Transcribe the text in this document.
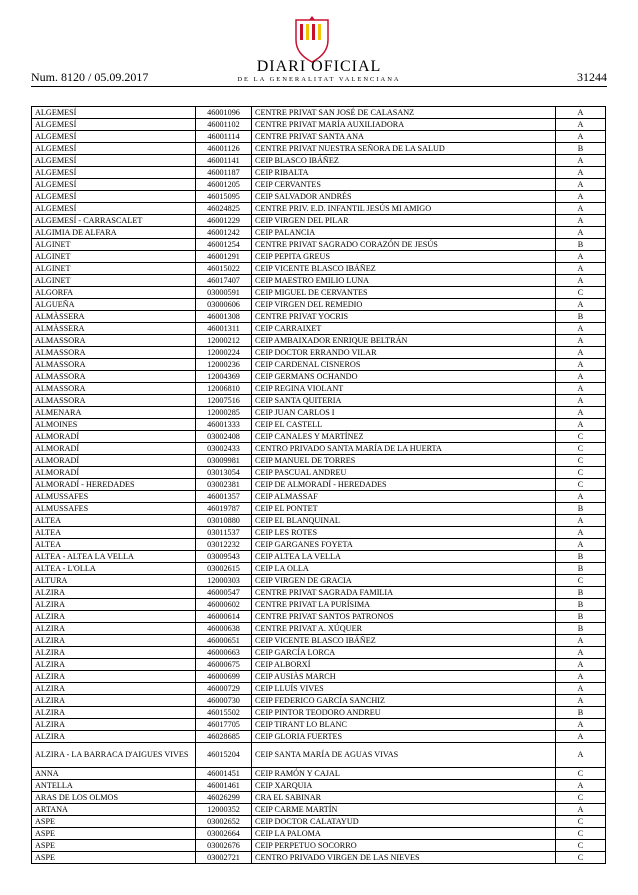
Num. 8120 / 05.09.2017
DIARI OFICIAL
DE LA GENERALITAT VALENCIANA	31244
ALGEMESÍ	46001096	CENTRE PRIVAT SAN JOSÉ DE CALASANZ	A
ALGEMESÍ	46001102	CENTRE PRIVAT MARÍA AUXILIADORA	A
ALGEMESÍ	46001114	CENTRE PRIVAT SANTA ANA	A
ALGEMESÍ	46001126	CENTRE PRIVAT NUESTRA SEÑORA DE LA SALUD	B
ALGEMESÍ	46001141	CEIP BLASCO IBÁÑEZ	A
ALGEMESÍ	46001187	CEIP RIBALTA	A
ALGEMESÍ	46001205	CEIP CERVANTES	A
ALGEMESÍ	46015095	CEIP SALVADOR ANDRÉS	A
ALGEMESÍ	46024825	CENTRE PRIV. E.D. INFANTIL JESÚS MI AMIGO	A
ALGEMESÍ - CARRASCALET	46001229	CEIP VIRGEN DEL PILAR	A
ALGIMIA DE ALFARA	46001242	CEIP PALANCIA	A
ALGINET	46001254	CENTRE PRIVAT SAGRADO CORAZÓN DE JESÚS	B
ALGINET	46001291	CEIP PEPITA GREUS	A
ALGINET	46015022	CEIP VICENTE BLASCO IBÁÑEZ	A
ALGINET	46017407	CEIP MAESTRO EMILIO LUNA	A
ALGORFA	03000591	CEIP MIGUEL DE CERVANTES	C
ALGUEÑA	03000606	CEIP VIRGEN DEL REMEDIO	A
ALMÀSSERA	46001308	CENTRE PRIVAT YOCRIS	B
ALMÀSSERA	46001311	CEIP CARRAIXET	A
ALMASSORA	12000212	CEIP AMBAIXADOR ENRIQUE BELTRÁN	A
ALMASSORA	12000224	CEIP DOCTOR ERRANDO VILAR	A
ALMASSORA	12000236	CEIP CARDENAL CISNEROS	A
ALMASSORA	12004369	CEIP GERMANS OCHANDO	A
ALMASSORA	12006810	CEIP REGINA VIOLANT	A
ALMASSORA	12007516	CEIP SANTA QUITERIA	A
ALMENARA	12000285	CEIP JUAN CARLOS I	A
ALMOINES	46001333	CEIP EL CASTELL	A
ALMORADÍ	03002408	CEIP CANALES Y MARTÍNEZ	C
ALMORADÍ	03002433	CENTRO PRIVADO SANTA MARÍA DE LA HUERTA	C
ALMORADÍ	03009981	CEIP MANUEL DE TORRES	C
ALMORADÍ	03013054	CEIP PASCUAL ANDREU	C
ALMORADÍ - HEREDADES	03002381	CEIP DE ALMORADÍ - HEREDADES	C
ALMUSSAFES	46001357	CEIP ALMASSAF	A
ALMUSSAFES	46019787	CEIP EL PONTET	B
ALTEA	03010880	CEIP EL BLANQUINAL	A
ALTEA	03011537	CEIP LES ROTES	A
ALTEA	03012232	CEIP GARGANES FOYETA	A
ALTEA - ALTEA LA VELLA	03009543	CEIP ALTEA LA VELLA	B
ALTEA - L'OLLA	03002615	CEIP LA OLLA	B
ALTURA	12000303	CEIP VIRGEN DE GRACIA	C
ALZIRA	46000547	CENTRE PRIVAT SAGRADA FAMILIA	B
ALZIRA	46000602	CENTRE PRIVAT LA PURÍSIMA	B
ALZIRA	46000614	CENTRE PRIVAT SANTOS PATRONOS	B
ALZIRA	46000638	CENTRE PRIVAT A. XÚQUER	B
ALZIRA	46000651	CEIP VICENTE BLASCO IBÁÑEZ	A
ALZIRA	46000663	CEIP GARCÍA LORCA	A
ALZIRA	46000675	CEIP ALBORXÍ	A
ALZIRA	46000699	CEIP AUSIÀS MARCH	A
ALZIRA	46000729	CEIP LLUÍS VIVES	A
ALZIRA	46000730	CEIP FEDERICO GARCÍA SANCHIZ	A
ALZIRA	46015502	CEIP PINTOR TEODORO ANDREU	B
ALZIRA	46017705	CEIP TIRANT LO BLANC	A
ALZIRA	46028685	CEIP GLORIA FUERTES	A
ALZIRA - LA BARRACA D'AIGUES VIVES	46015204	CEIP SANTA MARÍA DE AGUAS VIVAS	A
ANNA	46001451	CEIP RAMÓN Y CAJAL	C
ANTELLA	46001461	CEIP XARQUIA	A
ARAS DE LOS OLMOS	46026299	CRA EL SABINAR	C
ARTANA	12000352	CEIP CARME MARTÍN	A
ASPE	03002652	CEIP DOCTOR CALATAYUD	C
ASPE	03002664	CEIP LA PALOMA	C
ASPE	03002676	CEIP PERPETUO SOCORRO	C
ASPE	03002721	CENTRO PRIVADO VIRGEN DE LAS NIEVES	C
